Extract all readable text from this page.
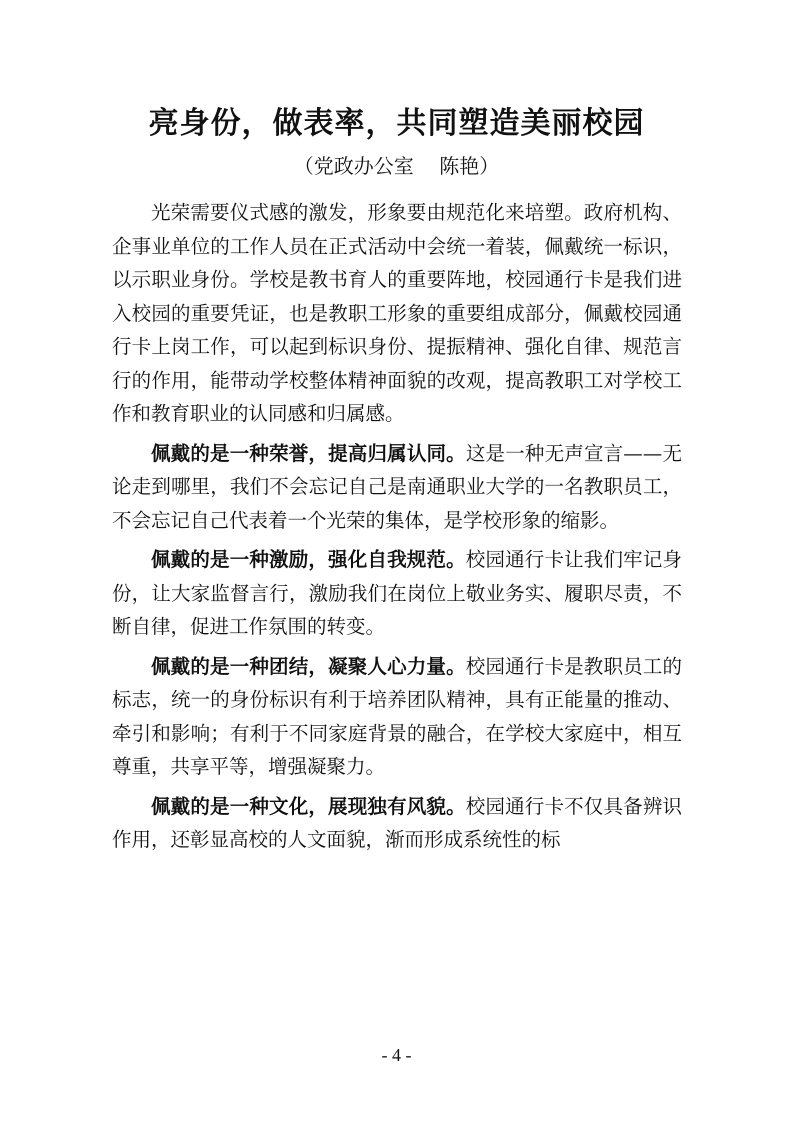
亮身份，做表率，共同塑造美丽校园

（党政办公室    陈艳）

光荣需要仪式感的激发，形象要由规范化来培塑。政府机构、企事业单位的工作人员在正式活动中会统一着装，佩戴统一标识，以示职业身份。学校是教书育人的重要阵地，校园通行卡是我们进入校园的重要凭证，也是教职工形象的重要组成部分，佩戴校园通行卡上岗工作，可以起到标识身份、提振精神、强化自律、规范言行的作用，能带动学校整体精神面貌的改观，提高教职工对学校工作和教育职业的认同感和归属感。

佩戴的是一种荣誉，提高归属认同。这是一种无声宣言——无论走到哪里，我们不会忘记自己是南通职业大学的一名教职员工，不会忘记自己代表着一个光荣的集体，是学校形象的缩影。

佩戴的是一种激励，强化自我规范。校园通行卡让我们牢记身份，让大家监督言行，激励我们在岗位上敬业务实、履职尽责，不断自律，促进工作氛围的转变。

佩戴的是一种团结，凝聚人心力量。校园通行卡是教职员工的标志，统一的身份标识有利于培养团队精神，具有正能量的推动、牵引和影响；有利于不同家庭背景的融合，在学校大家庭中，相互尊重，共享平等，增强凝聚力。

佩戴的是一种文化，展现独有风貌。校园通行卡不仅具备辨识作用，还彰显高校的人文面貌，渐而形成系统性的标

- 4 -
